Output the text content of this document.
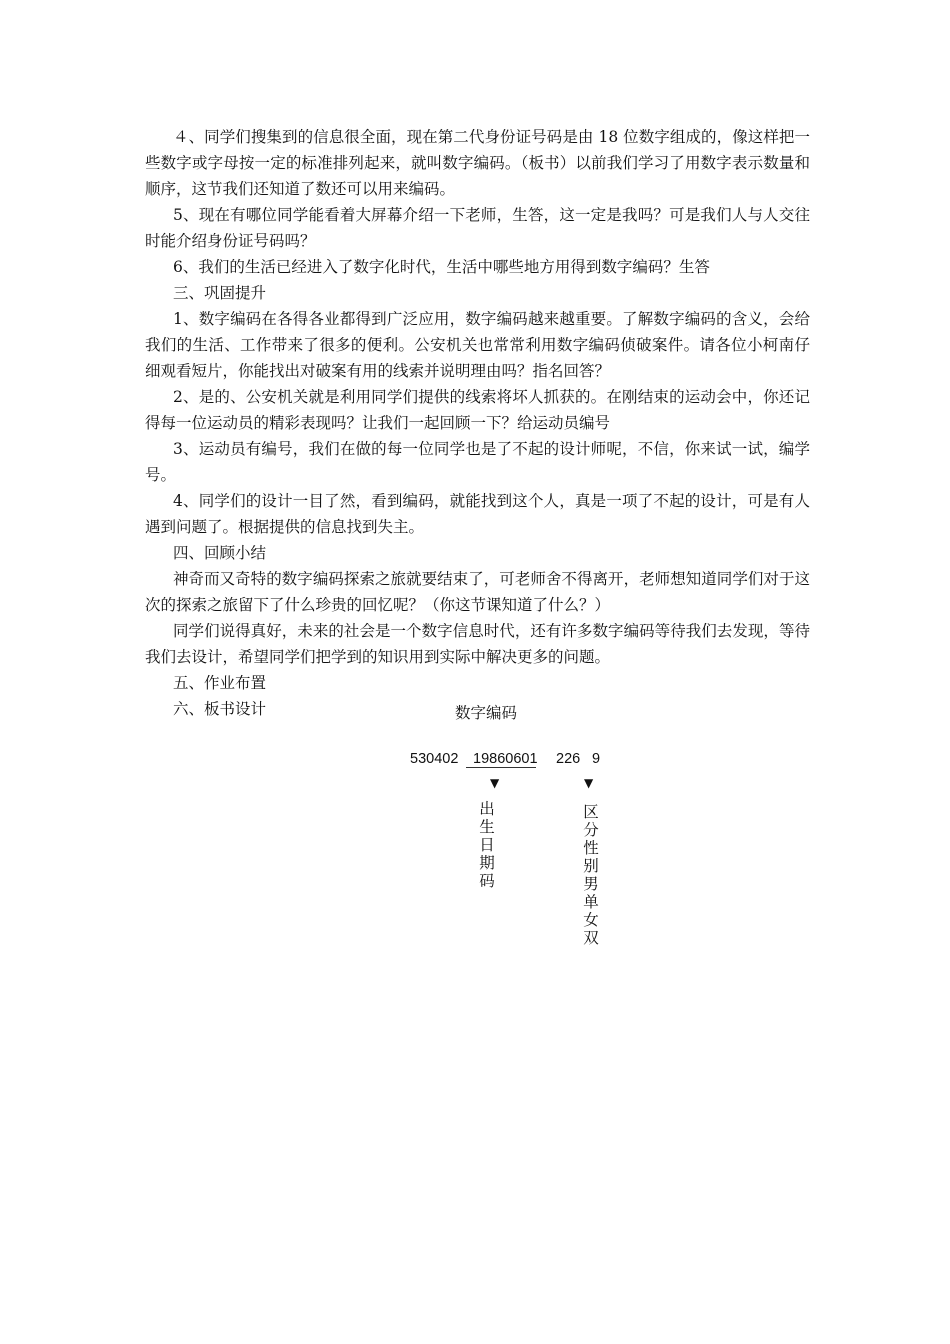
４、同学们搜集到的信息很全面，现在第二代身份证号码是由 18 位数字组成的，像这样把一些数字或字母按一定的标准排列起来，就叫数字编码。（板书）以前我们学习了用数字表示数量和顺序，这节我们还知道了数还可以用来编码。

5、现在有哪位同学能看着大屏幕介绍一下老师，生答，这一定是我吗？可是我们人与人交往时能介绍身份证号码吗？

6、我们的生活已经进入了数字化时代，生活中哪些地方用得到数字编码？生答

三、巩固提升

1、数字编码在各得各业都得到广泛应用，数字编码越来越重要。了解数字编码的含义，会给我们的生活、工作带来了很多的便利。公安机关也常常利用数字编码侦破案件。请各位小柯南仔细观看短片，你能找出对破案有用的线索并说明理由吗？指名回答？

2、是的、公安机关就是利用同学们提供的线索将坏人抓获的。在刚结束的运动会中，你还记得每一位运动员的精彩表现吗？让我们一起回顾一下？给运动员编号

3、运动员有编号，我们在做的每一位同学也是了不起的设计师呢，不信，你来试一试，编学号。

4、同学们的设计一目了然，看到编码，就能找到这个人，真是一项了不起的设计，可是有人遇到问题了。根据提供的信息找到失主。

四、回顾小结

神奇而又奇特的数字编码探索之旅就要结束了，可老师舍不得离开，老师想知道同学们对于这次的探索之旅留下了什么珍贵的回忆呢？（你这节课知道了什么？）

同学们说得真好，未来的社会是一个数字信息时代，还有许多数字编码等待我们去发现，等待我们去设计，希望同学们把学到的知识用到实际中解决更多的问题。

五、作业布置

六、板书设计	数字编码
530402 19860601 226 9
▼	▼
出
生
日
期
码
区
分
性
别
男
单
女
双
